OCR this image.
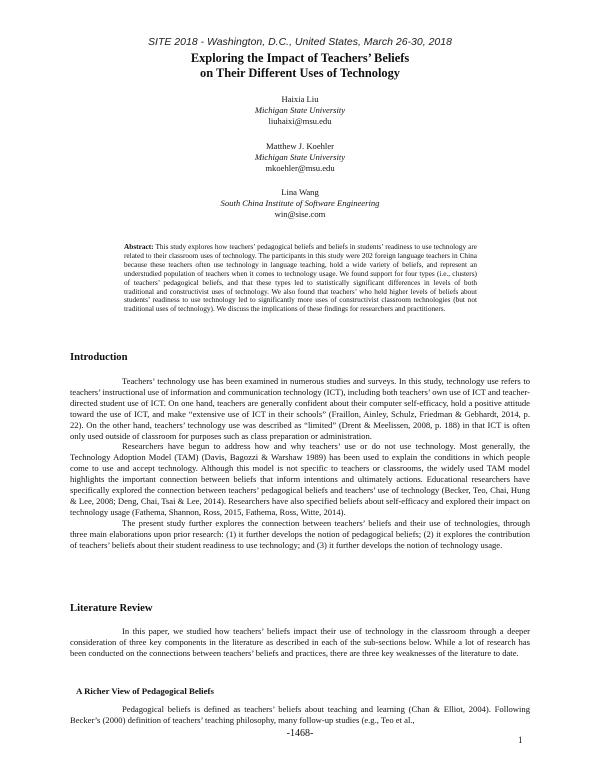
SITE 2018 - Washington, D.C., United States, March 26-30, 2018
Exploring the Impact of Teachers’ Beliefs
on Their Different Uses of Technology
Haixia Liu
Michigan State University
liuhaixi@msu.edu
Matthew J. Koehler
Michigan State University
mkoehler@msu.edu
Lina Wang
South China Institute of Software Engineering
win@sise.com
Abstract: This study explores how teachers’ pedagogical beliefs and beliefs in students’ readiness to use technology are related to their classroom uses of technology. The participants in this study were 202 foreign language teachers in China because these teachers often use technology in language teaching, hold a wide variety of beliefs, and represent an understudied population of teachers when it comes to technology usage. We found support for four types (i.e., clusters) of teachers’ pedagogical beliefs, and that these types led to statistically significant differences in levels of both traditional and constructivist uses of technology. We also found that teachers’ who held higher levels of beliefs about students’ readiness to use technology led to significantly more uses of constructivist classroom technologies (but not traditional uses of technology). We discuss the implications of these findings for researchers and practitioners.
Introduction

Teachers’ technology use has been examined in numerous studies and surveys. In this study, technology use refers to teachers’ instructional use of information and communication technology (ICT), including both teachers’ own use of ICT and teacher-directed student use of ICT. On one hand, teachers are generally confident about their computer self-efficacy, hold a positive attitude toward the use of ICT, and make “extensive use of ICT in their schools” (Fraillon, Ainley, Schulz, Friedman & Gebhardt, 2014, p. 22). On the other hand, teachers’ technology use was described as “limited” (Drent & Meelissen, 2008, p. 188) in that ICT is often only used outside of classroom for purposes such as class preparation or administration.

Researchers have begun to address how and why teachers’ use or do not use technology. Most generally, the Technology Adoption Model (TAM) (Davis, Bagozzi & Warshaw 1989) has been used to explain the conditions in which people come to use and accept technology. Although this model is not specific to teachers or classrooms, the widely used TAM model highlights the important connection between beliefs that inform intentions and ultimately actions. Educational researchers have specifically explored the connection between teachers’ pedagogical beliefs and teachers’ use of technology (Becker, Teo, Chai, Hung & Lee, 2008; Deng, Chai, Tsai & Lee, 2014). Researchers have also specified beliefs about self-efficacy and explored their impact on technology usage (Fathema, Shannon, Ross, 2015, Fathema, Ross, Witte, 2014).

The present study further explores the connection between teachers’ beliefs and their use of technologies, through three main elaborations upon prior research: (1) it further develops the notion of pedagogical beliefs; (2) it explores the contribution of teachers’ beliefs about their student readiness to use technology; and (3) it further develops the notion of technology usage.

Literature Review

In this paper, we studied how teachers’ beliefs impact their use of technology in the classroom through a deeper consideration of three key components in the literature as described in each of the sub-sections below. While a lot of research has been conducted on the connections between teachers’ beliefs and practices, there are three key weaknesses of the literature to date.

A Richer View of Pedagogical Beliefs

Pedagogical beliefs is defined as teachers’ beliefs about teaching and learning (Chan & Elliot, 2004). Following Becker’s (2000) definition of teachers’ teaching philosophy, many follow-up studies (e.g., Teo et al.,

-1468-
1
